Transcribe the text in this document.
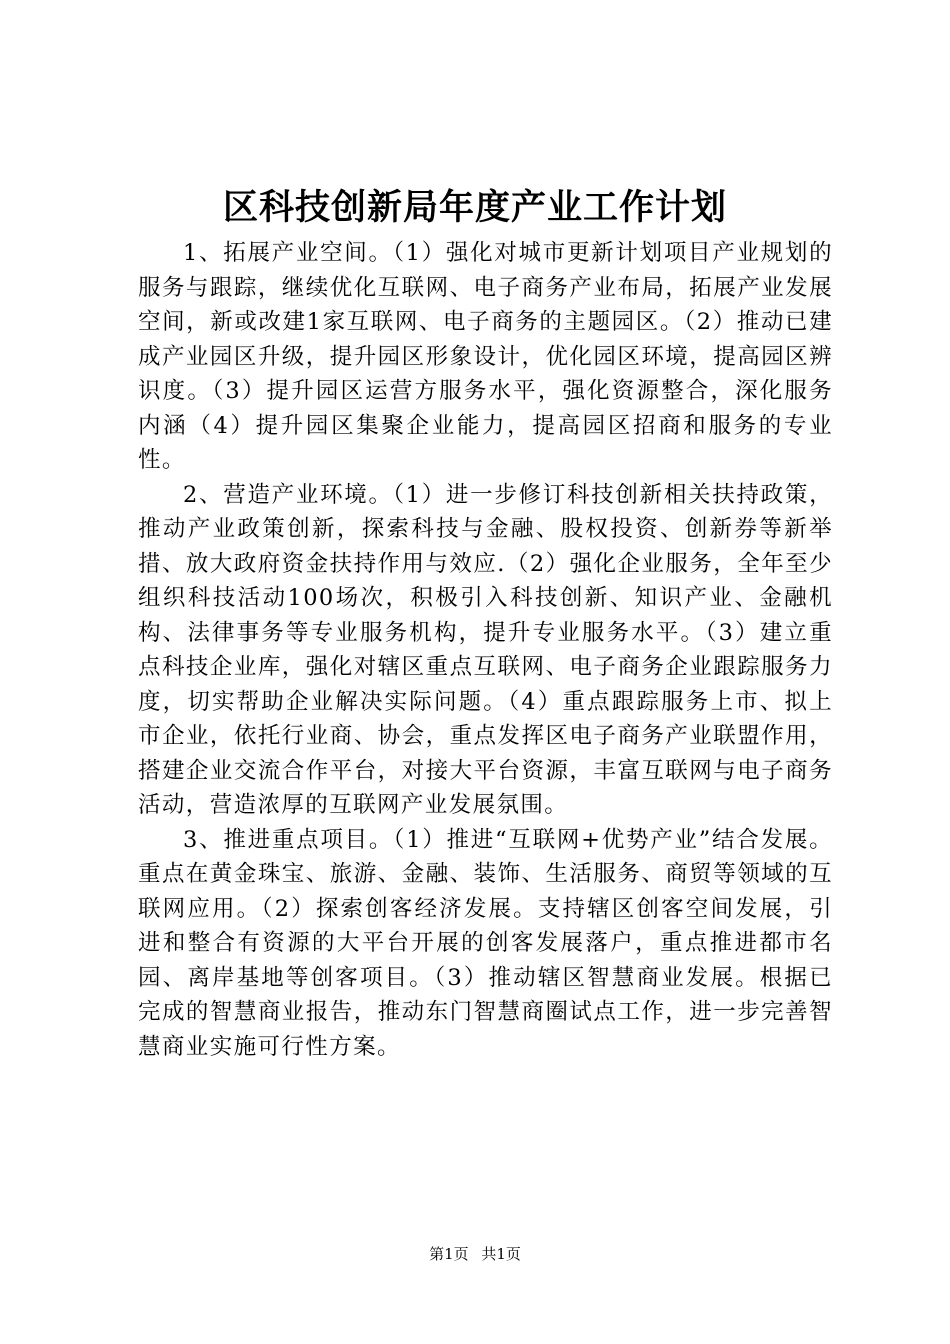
区科技创新局年度产业工作计划

1、拓展产业空间。（1）强化对城市更新计划项目产业规划的服务与跟踪，继续优化互联网、电子商务产业布局，拓展产业发展空间，新或改建1家互联网、电子商务的主题园区。（2）推动已建成产业园区升级，提升园区形象设计，优化园区环境，提高园区辨识度。（3）提升园区运营方服务水平，强化资源整合，深化服务内涵（4）提升园区集聚企业能力，提高园区招商和服务的专业性。

2、营造产业环境。（1）进一步修订科技创新相关扶持政策，推动产业政策创新，探索科技与金融、股权投资、创新券等新举措、放大政府资金扶持作用与效应.（2）强化企业服务，全年至少组织科技活动100场次，积极引入科技创新、知识产业、金融机构、法律事务等专业服务机构，提升专业服务水平。（3）建立重点科技企业库，强化对辖区重点互联网、电子商务企业跟踪服务力度，切实帮助企业解决实际问题。（4）重点跟踪服务上市、拟上市企业，依托行业商、协会，重点发挥区电子商务产业联盟作用，搭建企业交流合作平台，对接大平台资源，丰富互联网与电子商务活动，营造浓厚的互联网产业发展氛围。

3、推进重点项目。（1）推进“互联网+优势产业”结合发展。重点在黄金珠宝、旅游、金融、装饰、生活服务、商贸等领域的互联网应用。（2）探索创客经济发展。支持辖区创客空间发展，引进和整合有资源的大平台开展的创客发展落户，重点推进都市名园、离岸基地等创客项目。（3）推动辖区智慧商业发展。根据已完成的智慧商业报告，推动东门智慧商圈试点工作，进一步完善智慧商业实施可行性方案。

第1页 共1页
